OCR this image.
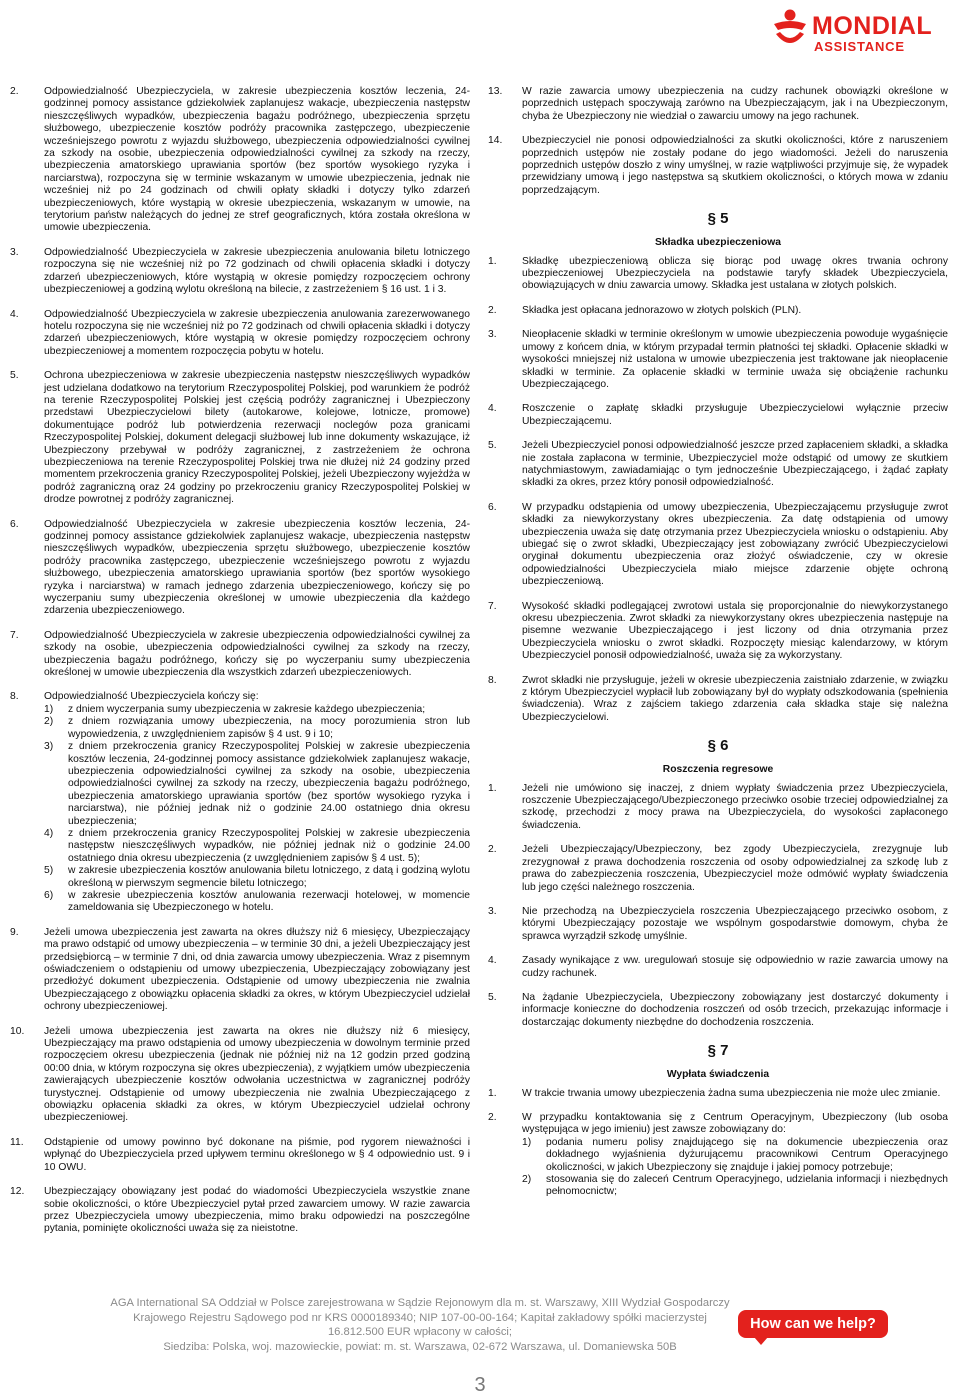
MONDIAL
ASSISTANCE
2.	Odpowiedzialność Ubezpieczyciela, w zakresie ubezpieczenia kosztów leczenia, 24-godzinnej pomocy assistance gdziekolwiek zaplanujesz wakacje, ubezpieczenia następstw nieszczęśliwych wypadków, ubezpieczenia bagażu podróżnego, ubezpieczenia sprzętu służbowego, ubezpieczenie kosztów podróży pracownika zastępczego, ubezpieczenie wcześniejszego powrotu z wyjazdu służbowego, ubezpieczenia odpowiedzialności cywilnej za szkody na osobie, ubezpieczenia odpowiedzialności cywilnej za szkody na rzeczy, ubezpieczenia amatorskiego uprawiania sportów (bez sportów wysokiego ryzyka i narciarstwa), rozpoczyna się w terminie wskazanym w umowie ubezpieczenia, jednak nie wcześniej niż po 24 godzinach od chwili opłaty składki i dotyczy tylko zdarzeń ubezpieczeniowych, które wystąpią w okresie ubezpieczenia, wskazanym w umowie, na terytorium państw należących do jednej ze stref geograficznych, która została określona w umowie ubezpieczenia.
3.	Odpowiedzialność Ubezpieczyciela w zakresie ubezpieczenia anulowania biletu lotniczego rozpoczyna się nie wcześniej niż po 72 godzinach od chwili opłacenia składki i dotyczy zdarzeń ubezpieczeniowych, które wystąpią w okresie pomiędzy rozpoczęciem ochrony ubezpieczeniowej a godziną wylotu określoną na bilecie, z zastrzeżeniem § 16 ust. 1 i 3.
4.	Odpowiedzialność Ubezpieczyciela w zakresie ubezpieczenia anulowania zarezerwowanego hotelu rozpoczyna się nie wcześniej niż po 72 godzinach od chwili opłacenia składki i dotyczy zdarzeń ubezpieczeniowych, które wystąpią w okresie pomiędzy rozpoczęciem ochrony ubezpieczeniowej a momentem rozpoczęcia pobytu w hotelu.
5.	Ochrona ubezpieczeniowa w zakresie ubezpieczenia następstw nieszczęśliwych wypadków jest udzielana dodatkowo na terytorium Rzeczypospolitej Polskiej, pod warunkiem że podróż na terenie Rzeczypospolitej Polskiej jest częścią podróży zagranicznej i Ubezpieczony przedstawi Ubezpieczycielowi bilety (autokarowe, kolejowe, lotnicze, promowe) dokumentujące podróż lub potwierdzenia rezerwacji noclegów poza granicami Rzeczypospolitej Polskiej, dokument delegacji służbowej lub inne dokumenty wskazujące, iż Ubezpieczony przebywał w podróży zagranicznej, z zastrzeżeniem że ochrona ubezpieczeniowa na terenie Rzeczypospolitej Polskiej trwa nie dłużej niż 24 godziny przed momentem przekroczenia granicy Rzeczypospolitej Polskiej, jeżeli Ubezpieczony wyjeżdża w podróż zagraniczną oraz 24 godziny po przekroczeniu granicy Rzeczypospolitej Polskiej w drodze powrotnej z podróży zagranicznej.
6.	Odpowiedzialność Ubezpieczyciela w zakresie ubezpieczenia kosztów leczenia, 24-godzinnej pomocy assistance gdziekolwiek zaplanujesz wakacje, ubezpieczenia następstw nieszczęśliwych wypadków, ubezpieczenia sprzętu służbowego, ubezpieczenie kosztów podróży pracownika zastępczego, ubezpieczenie wcześniejszego powrotu z wyjazdu służbowego, ubezpieczenia amatorskiego uprawiania sportów (bez sportów wysokiego ryzyka i narciarstwa) w ramach jednego zdarzenia ubezpieczeniowego, kończy się po wyczerpaniu sumy ubezpieczenia określonej w umowie ubezpieczenia dla każdego zdarzenia ubezpieczeniowego.
7.	Odpowiedzialność Ubezpieczyciela w zakresie ubezpieczenia odpowiedzialności cywilnej za szkody na osobie, ubezpieczenia odpowiedzialności cywilnej za szkody na rzeczy, ubezpieczenia bagażu podróżnego, kończy się po wyczerpaniu sumy ubezpieczenia określonej w umowie ubezpieczenia dla wszystkich zdarzeń ubezpieczeniowych.
8.	Odpowiedzialność Ubezpieczyciela kończy się:
1)	z dniem wyczerpania sumy ubezpieczenia w zakresie każdego ubezpieczenia;
2)	z dniem rozwiązania umowy ubezpieczenia, na mocy porozumienia stron lub wypowiedzenia, z uwzględnieniem zapisów § 4 ust. 9 i 10;
3)	z dniem przekroczenia granicy Rzeczypospolitej Polskiej w zakresie ubezpieczenia kosztów leczenia, 24-godzinnej pomocy assistance gdziekolwiek zaplanujesz wakacje, ubezpieczenia odpowiedzialności cywilnej za szkody na osobie, ubezpieczenia odpowiedzialności cywilnej za szkody na rzeczy, ubezpieczenia bagażu podróżnego, ubezpieczenia amatorskiego uprawiania sportów (bez sportów wysokiego ryzyka i narciarstwa), nie później jednak niż o godzinie 24.00 ostatniego dnia okresu ubezpieczenia;
4)	z dniem przekroczenia granicy Rzeczypospolitej Polskiej w zakresie ubezpieczenia następstw nieszczęśliwych wypadków, nie później jednak niż o godzinie 24.00 ostatniego dnia okresu ubezpieczenia (z uwzględnieniem zapisów § 4 ust. 5);
5)	w zakresie ubezpieczenia kosztów anulowania biletu lotniczego, z datą i godziną wylotu określoną w pierwszym segmencie biletu lotniczego;
6)	w zakresie ubezpieczenia kosztów anulowania rezerwacji hotelowej, w momencie zameldowania się Ubezpieczonego w hotelu.
9.	Jeżeli umowa ubezpieczenia jest zawarta na okres dłuższy niż 6 miesięcy, Ubezpieczający ma prawo odstąpić od umowy ubezpieczenia – w terminie 30 dni, a jeżeli Ubezpieczający jest przedsiębiorcą – w terminie 7 dni, od dnia zawarcia umowy ubezpieczenia. Wraz z pisemnym oświadczeniem o odstąpieniu od umowy ubezpieczenia, Ubezpieczający zobowiązany jest przedłożyć dokument ubezpieczenia. Odstąpienie od umowy ubezpieczenia nie zwalnia Ubezpieczającego z obowiązku opłacenia składki za okres, w którym Ubezpieczyciel udzielał ochrony ubezpieczeniowej.
10.	Jeżeli umowa ubezpieczenia jest zawarta na okres nie dłuższy niż 6 miesięcy, Ubezpieczający ma prawo odstąpienia od umowy ubezpieczenia w dowolnym terminie przed rozpoczęciem okresu ubezpieczenia (jednak nie później niż na 12 godzin przed godziną 00:00 dnia, w którym rozpoczyna się okres ubezpieczenia), z wyjątkiem umów ubezpieczenia zawierających ubezpieczenie kosztów odwołania uczestnictwa w zagranicznej podróży turystycznej. Odstąpienie od umowy ubezpieczenia nie zwalnia Ubezpieczającego z obowiązku opłacenia składki za okres, w którym Ubezpieczyciel udzielał ochrony ubezpieczeniowej.
11.	Odstąpienie od umowy powinno być dokonane na piśmie, pod rygorem nieważności i wpłynąć do Ubezpieczyciela przed upływem terminu określonego w § 4 odpowiednio ust. 9 i 10 OWU.
12.	Ubezpieczający obowiązany jest podać do wiadomości Ubezpieczyciela wszystkie znane sobie okoliczności, o które Ubezpieczyciel pytał przed zawarciem umowy. W razie zawarcia przez Ubezpieczyciela umowy ubezpieczenia, mimo braku odpowiedzi na poszczególne pytania, pominięte okoliczności uważa się za nieistotne.
13.	W razie zawarcia umowy ubezpieczenia na cudzy rachunek obowiązki określone w poprzednich ustępach spoczywają zarówno na Ubezpieczającym, jak i na Ubezpieczonym, chyba że Ubezpieczony nie wiedział o zawarciu umowy na jego rachunek.
14.	Ubezpieczyciel nie ponosi odpowiedzialności za skutki okoliczności, które z naruszeniem poprzednich ustępów nie zostały podane do jego wiadomości. Jeżeli do naruszenia poprzednich ustępów doszło z winy umyślnej, w razie wątpliwości przyjmuje się, że wypadek przewidziany umową i jego następstwa są skutkiem okoliczności, o których mowa w zdaniu poprzedzającym.
§ 5
Składka ubezpieczeniowa
1.	Składkę ubezpieczeniową oblicza się biorąc pod uwagę okres trwania ochrony ubezpieczeniowej Ubezpieczyciela na podstawie taryfy składek Ubezpieczyciela, obowiązujących w dniu zawarcia umowy. Składka jest ustalana w złotych polskich.
2.	Składka jest opłacana jednorazowo w złotych polskich (PLN).
3.	Nieopłacenie składki w terminie określonym w umowie ubezpieczenia powoduje wygaśnięcie umowy z końcem dnia, w którym przypadał termin płatności tej składki. Opłacenie składki w wysokości mniejszej niż ustalona w umowie ubezpieczenia jest traktowane jak nieopłacenie składki w terminie. Za opłacenie składki w terminie uważa się obciążenie rachunku Ubezpieczającego.
4.	Roszczenie o zapłatę składki przysługuje Ubezpieczycielowi wyłącznie przeciw Ubezpieczającemu.
5.	Jeżeli Ubezpieczyciel ponosi odpowiedzialność jeszcze przed zapłaceniem składki, a składka nie została zapłacona w terminie, Ubezpieczyciel może odstąpić od umowy ze skutkiem natychmiastowym, zawiadamiając o tym jednocześnie Ubezpieczającego, i żądać zapłaty składki za okres, przez który ponosił odpowiedzialność.
6.	W przypadku odstąpienia od umowy ubezpieczenia, Ubezpieczającemu przysługuje zwrot składki za niewykorzystany okres ubezpieczenia. Za datę odstąpienia od umowy ubezpieczenia uważa się datę otrzymania przez Ubezpieczyciela wniosku o odstąpieniu. Aby ubiegać się o zwrot składki, Ubezpieczający jest zobowiązany zwrócić Ubezpieczycielowi oryginał dokumentu ubezpieczenia oraz złożyć oświadczenie, czy w okresie odpowiedzialności Ubezpieczyciela miało miejsce zdarzenie objęte ochroną ubezpieczeniową.
7.	Wysokość składki podlegającej zwrotowi ustala się proporcjonalnie do niewykorzystanego okresu ubezpieczenia. Zwrot składki za niewykorzystany okres ubezpieczenia następuje na pisemne wezwanie Ubezpieczającego i jest liczony od dnia otrzymania przez Ubezpieczyciela wniosku o zwrot składki. Rozpoczęty miesiąc kalendarzowy, w którym Ubezpieczyciel ponosił odpowiedzialność, uważa się za wykorzystany.
8.	Zwrot składki nie przysługuje, jeżeli w okresie ubezpieczenia zaistniało zdarzenie, w związku z którym Ubezpieczyciel wypłacił lub zobowiązany był do wypłaty odszkodowania (spełnienia świadczenia). Wraz z zajściem takiego zdarzenia cała składka staje się należna Ubezpieczycielowi.
§ 6
Roszczenia regresowe
1.	Jeżeli nie umówiono się inaczej, z dniem wypłaty świadczenia przez Ubezpieczyciela, roszczenie Ubezpieczającego/Ubezpieczonego przeciwko osobie trzeciej odpowiedzialnej za szkodę, przechodzi z mocy prawa na Ubezpieczyciela, do wysokości zapłaconego świadczenia.
2.	Jeżeli Ubezpieczający/Ubezpieczony, bez zgody Ubezpieczyciela, zrezygnuje lub zrezygnował z prawa dochodzenia roszczenia od osoby odpowiedzialnej za szkodę lub z prawa do zabezpieczenia roszczenia, Ubezpieczyciel może odmówić wypłaty świadczenia lub jego części należnego roszczenia.
3.	Nie przechodzą na Ubezpieczyciela roszczenia Ubezpieczającego przeciwko osobom, z którymi Ubezpieczający pozostaje we wspólnym gospodarstwie domowym, chyba że sprawca wyrządził szkodę umyślnie.
4.	Zasady wynikające z ww. uregulowań stosuje się odpowiednio w razie zawarcia umowy na cudzy rachunek.
5.	Na żądanie Ubezpieczyciela, Ubezpieczony zobowiązany jest dostarczyć dokumenty i informacje konieczne do dochodzenia roszczeń od osób trzecich, przekazując informacje i dostarczając dokumenty niezbędne do dochodzenia roszczenia.
§ 7
Wypłata świadczenia
1.	W trakcie trwania umowy ubezpieczenia żadna suma ubezpieczenia nie może ulec zmianie.
2.	W przypadku kontaktowania się z Centrum Operacyjnym, Ubezpieczony (lub osoba występująca w jego imieniu) jest zawsze zobowiązany do:
1)	podania numeru polisy znajdującego się na dokumencie ubezpieczenia oraz dokładnego wyjaśnienia dyżurującemu pracownikowi Centrum Operacyjnego okoliczności, w jakich Ubezpieczony się znajduje i jakiej pomocy potrzebuje;
2)	stosowania się do zaleceń Centrum Operacyjnego, udzielania informacji i niezbędnych pełnomocnictw;
AGA International SA Oddział w Polsce zarejestrowana w Sądzie Rejonowym dla m. st. Warszawy, XIII Wydział Gospodarczy
Krajowego Rejestru Sądowego pod nr KRS 0000189340; NIP 107-00-00-164; Kapitał zakładowy spółki macierzystej 16.812.500 EUR wpłacony w całości;
Siedziba: Polska, woj. mazowieckie, powiat: m. st. Warszawa, 02-672 Warszawa, ul. Domaniewska 50B
How can we help?
3
